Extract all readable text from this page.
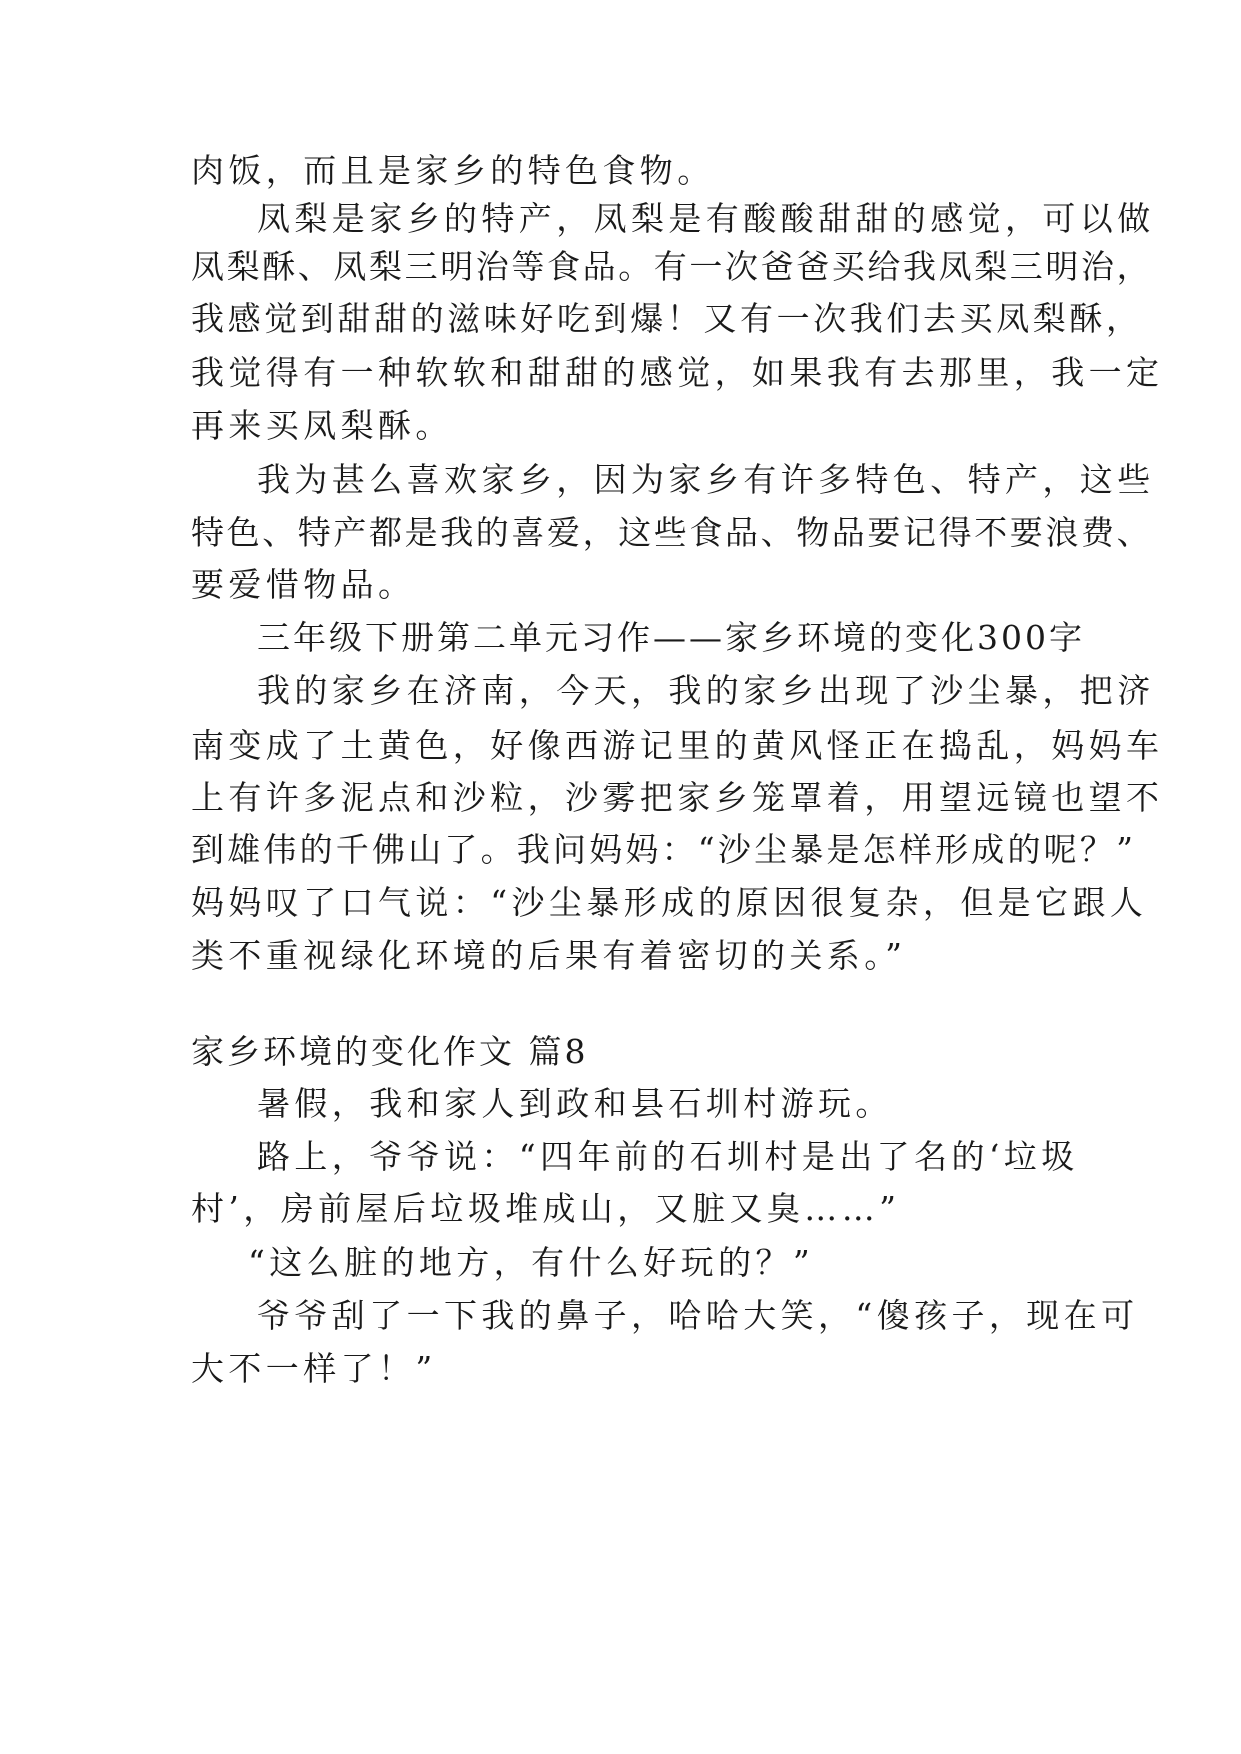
肉饭，而且是家乡的特色食物。
凤梨是家乡的特产，凤梨是有酸酸甜甜的感觉，可以做
凤梨酥、凤梨三明治等食品。有一次爸爸买给我凤梨三明治，
我感觉到甜甜的滋味好吃到爆！又有一次我们去买凤梨酥，
我觉得有一种软软和甜甜的感觉，如果我有去那里，我一定
再来买凤梨酥。
我为甚么喜欢家乡，因为家乡有许多特色、特产，这些
特色、特产都是我的喜爱，这些食品、物品要记得不要浪费、
要爱惜物品。
三年级下册第二单元习作——家乡环境的变化300字
我的家乡在济南，今天，我的家乡出现了沙尘暴，把济
南变成了土黄色，好像西游记里的黄风怪正在捣乱，妈妈车
上有许多泥点和沙粒，沙雾把家乡笼罩着，用望远镜也望不
到雄伟的千佛山了。我问妈妈：“沙尘暴是怎样形成的呢？”
妈妈叹了口气说：“沙尘暴形成的原因很复杂，但是它跟人
类不重视绿化环境的后果有着密切的关系。”
家乡环境的变化作文 篇8
暑假，我和家人到政和县石圳村游玩。
路上，爷爷说：“四年前的石圳村是出了名的‘垃圾
村’，房前屋后垃圾堆成山，又脏又臭……”
“这么脏的地方，有什么好玩的？”
爷爷刮了一下我的鼻子，哈哈大笑，“傻孩子，现在可
大不一样了！”
